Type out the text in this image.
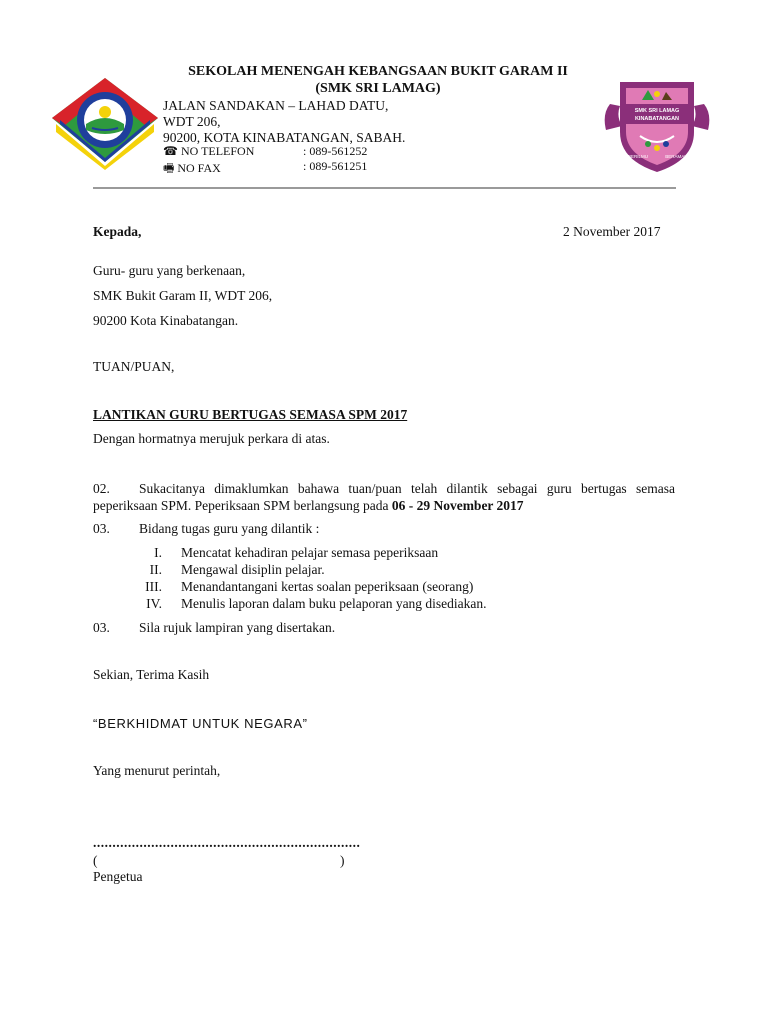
SMK SRI LAMAG
KINABATANGAN
BERILMU	BERAMAL
SEKOLAH MENENGAH KEBANGSAAN BUKIT GARAM II
(SMK SRI LAMAG)
JALAN SANDAKAN – LAHAD DATU,
WDT 206,
90200, KOTA KINABATANGAN, SABAH.
☎ NO TELEFON	: 089-561252
🖷 NO FAX	: 089-561251
Kepada,	2 November 2017
Guru- guru yang berkenaan,
SMK Bukit Garam II, WDT 206,
90200 Kota Kinabatangan.
TUAN/PUAN,
LANTIKAN GURU BERTUGAS SEMASA SPM 2017
Dengan hormatnya merujuk perkara di atas.
02. Sukacitanya dimaklumkan bahawa tuan/puan telah dilantik sebagai guru bertugas semasa peperiksaan SPM. Peperiksaan SPM berlangsung pada 06 - 29 November 2017
03. Bidang tugas guru yang dilantik :
I. Mencatat kehadiran pelajar semasa peperiksaan
II. Mengawal disiplin pelajar.
III. Menandantangani kertas soalan peperiksaan (seorang)
IV. Menulis laporan dalam buku pelaporan yang disediakan.
03. Sila rujuk lampiran yang disertakan.
Sekian, Terima Kasih
“BERKHIDMAT UNTUK NEGARA”
Yang menurut perintah,
.....................................................................
(	)
Pengetua
